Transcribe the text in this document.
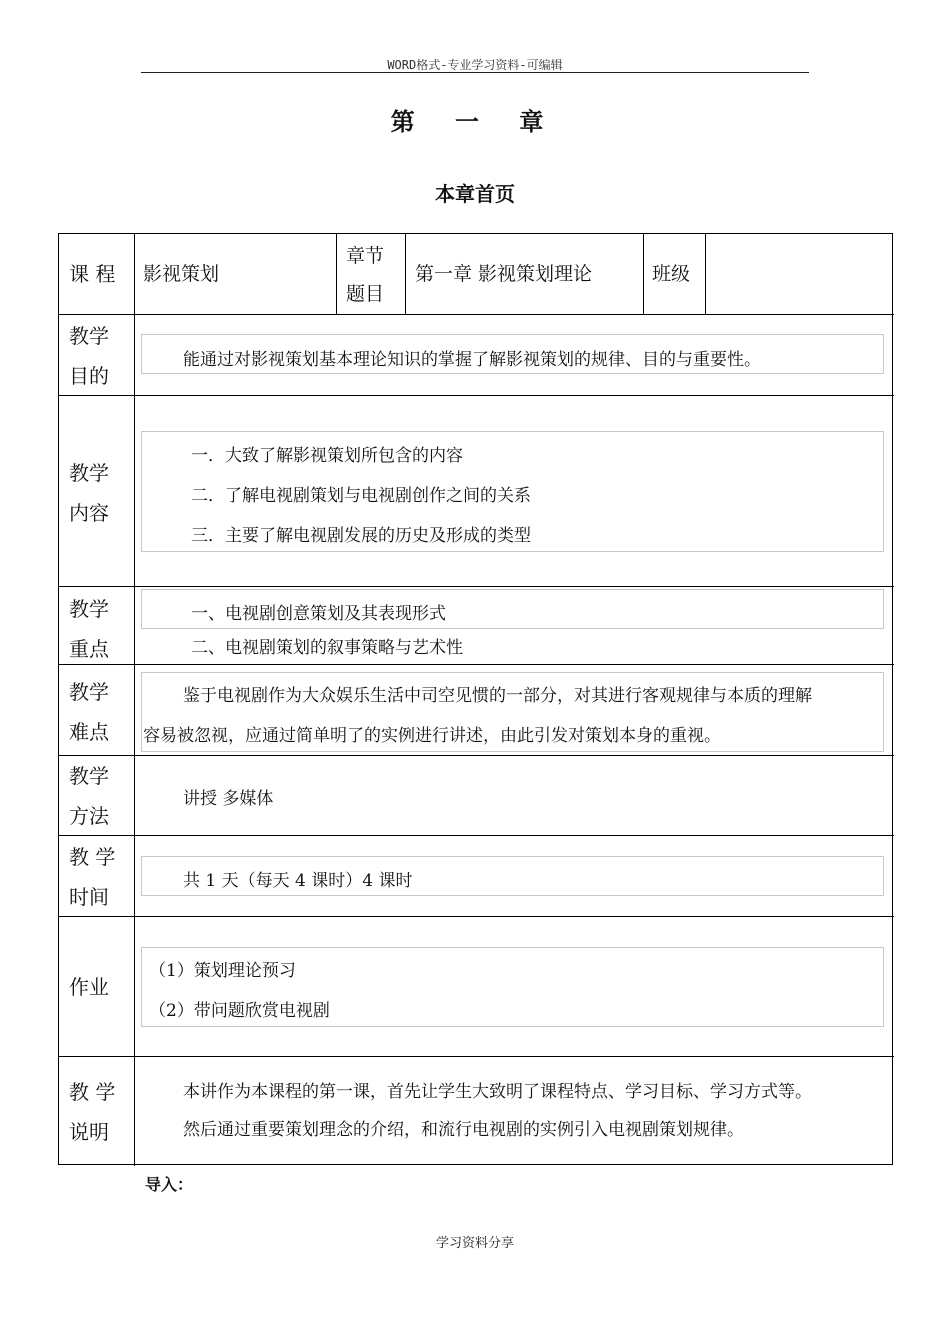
WORD格式-专业学习资料-可编辑
第 一 章
本章首页
课 程 影视策划
章节
题目
第一章 影视策划理论	班级
教学
目的
能通过对影视策划基本理论知识的掌握了解影视策划的规律、目的与重要性。
教学
内容
一．大致了解影视策划所包含的内容
二．了解电视剧策划与电视剧创作之间的关系
三．主要了解电视剧发展的历史及形成的类型
教学
重点
一、电视剧创意策划及其表现形式
二、电视剧策划的叙事策略与艺术性
教学
难点
鉴于电视剧作为大众娱乐生活中司空见惯的一部分，对其进行客观规律与本质的理解
容易被忽视，应通过简单明了的实例进行讲述，由此引发对策划本身的重视。
教学
方法
讲授 多媒体
教 学
时间
共 1 天（每天 4 课时）4 课时
作业
（1）策划理论预习
（2）带问题欣赏电视剧
教 学
说明
本讲作为本课程的第一课，首先让学生大致明了课程特点、学习目标、学习方式等。
然后通过重要策划理念的介绍，和流行电视剧的实例引入电视剧策划规律。
导入：
学习资料分享
